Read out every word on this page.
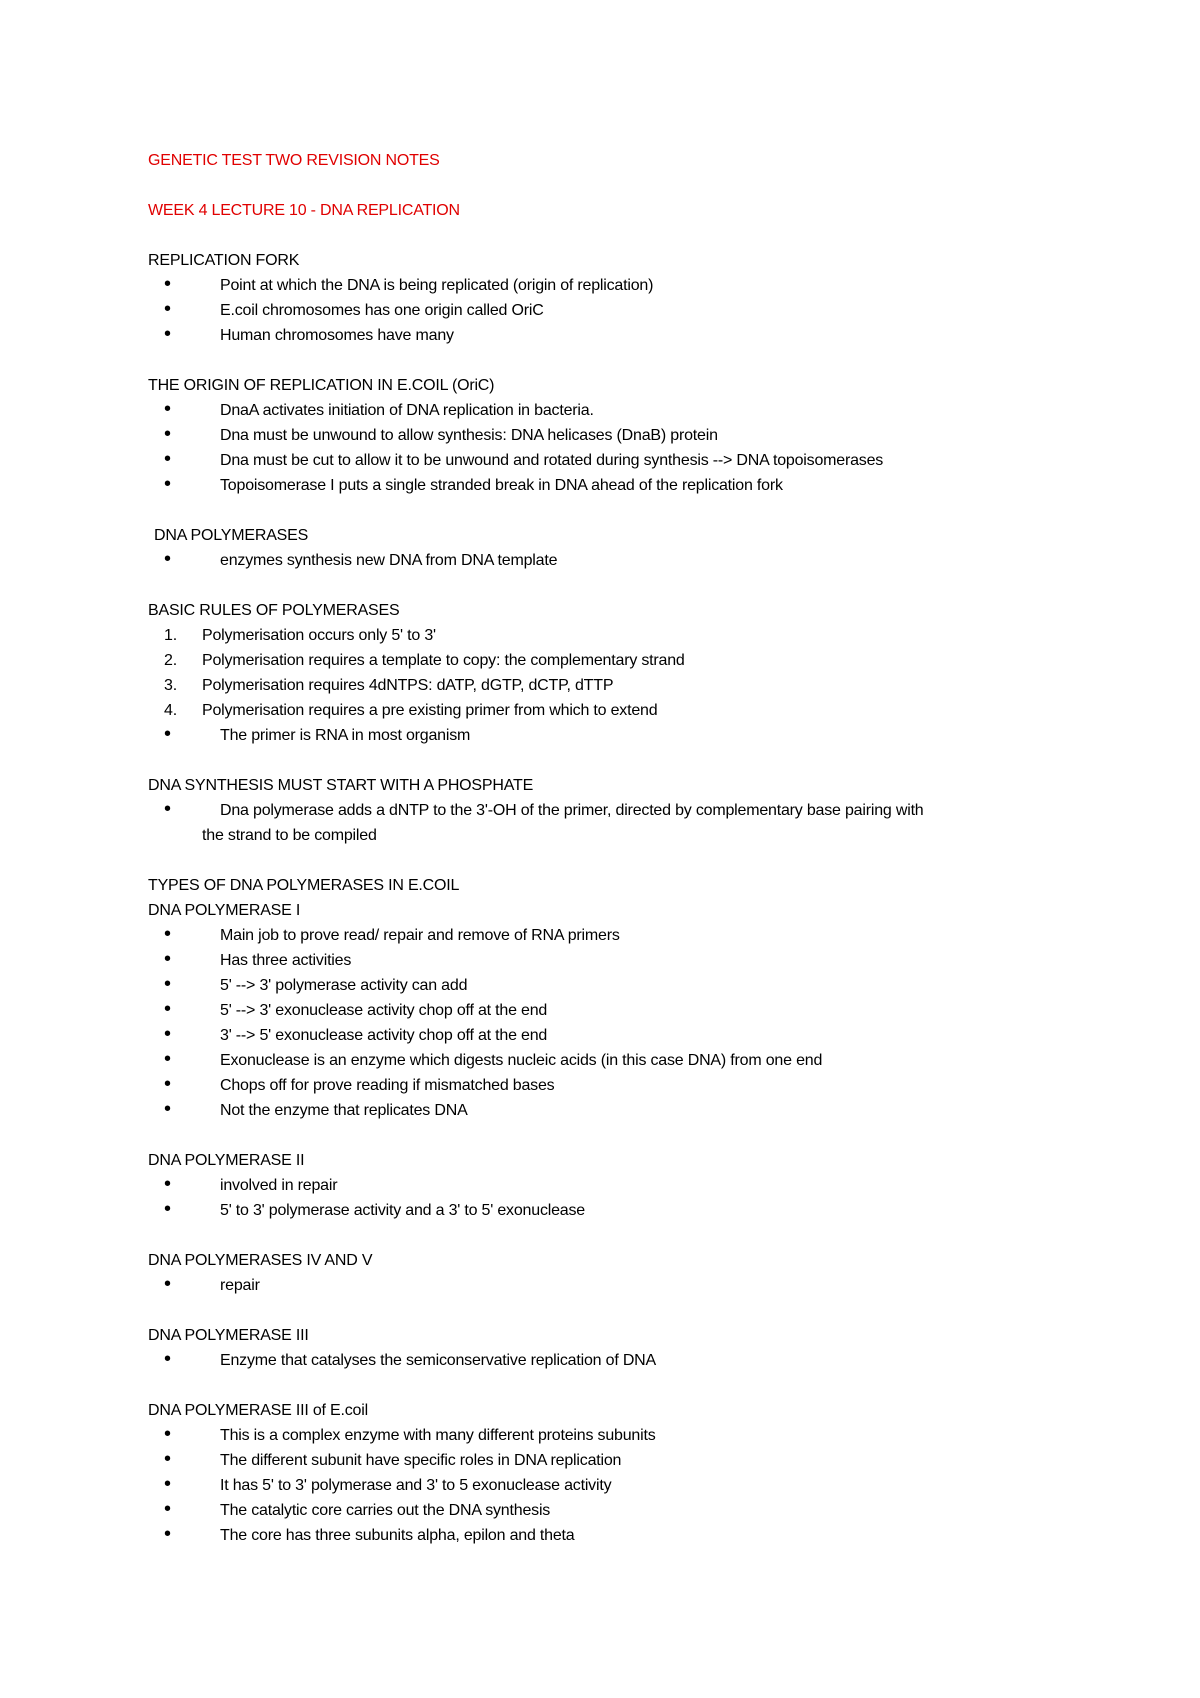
GENETIC TEST TWO REVISION NOTES

WEEK 4 LECTURE 10 - DNA REPLICATION

REPLICATION FORK

• Point at which the DNA is being replicated (origin of replication)
• E.coil chromosomes has one origin called OriC
• Human chromosomes have many

THE ORIGIN OF REPLICATION IN E.COIL (OriC)

• DnaA activates initiation of DNA replication in bacteria.
• Dna must be unwound to allow synthesis: DNA helicases (DnaB) protein
• Dna must be cut to allow it to be unwound and rotated during synthesis --> DNA topoisomerases
• Topoisomerase I puts a single stranded break in DNA ahead of the replication fork

DNA POLYMERASES

• enzymes synthesis new DNA from DNA template

BASIC RULES OF POLYMERASES

1. Polymerisation occurs only 5' to 3'
2. Polymerisation requires a template to copy: the complementary strand
3. Polymerisation requires 4dNTPS: dATP, dGTP, dCTP, dTTP
4. Polymerisation requires a pre existing primer from which to extend
• The primer is RNA in most organism

DNA SYNTHESIS MUST START WITH A PHOSPHATE

• Dna polymerase adds a dNTP to the 3'-OH of the primer, directed by complementary base pairing with
the strand to be compiled

TYPES OF DNA POLYMERASES IN E.COIL

DNA POLYMERASE I

• Main job to prove read/ repair and remove of RNA primers
• Has three activities
• 5' --> 3' polymerase activity can add
• 5' --> 3' exonuclease activity chop off at the end
• 3' --> 5' exonuclease activity chop off at the end
• Exonuclease is an enzyme which digests nucleic acids (in this case DNA) from one end
• Chops off for prove reading if mismatched bases
• Not the enzyme that replicates DNA

DNA POLYMERASE II

• involved in repair
• 5' to 3' polymerase activity and a 3' to 5' exonuclease

DNA POLYMERASES IV AND V

• repair

DNA POLYMERASE III

• Enzyme that catalyses the semiconservative replication of DNA

DNA POLYMERASE III of E.coil

• This is a complex enzyme with many different proteins subunits
• The different subunit have specific roles in DNA replication
• It has 5' to 3' polymerase and 3' to 5 exonuclease activity
• The catalytic core carries out the DNA synthesis
• The core has three subunits alpha, epilon and theta
